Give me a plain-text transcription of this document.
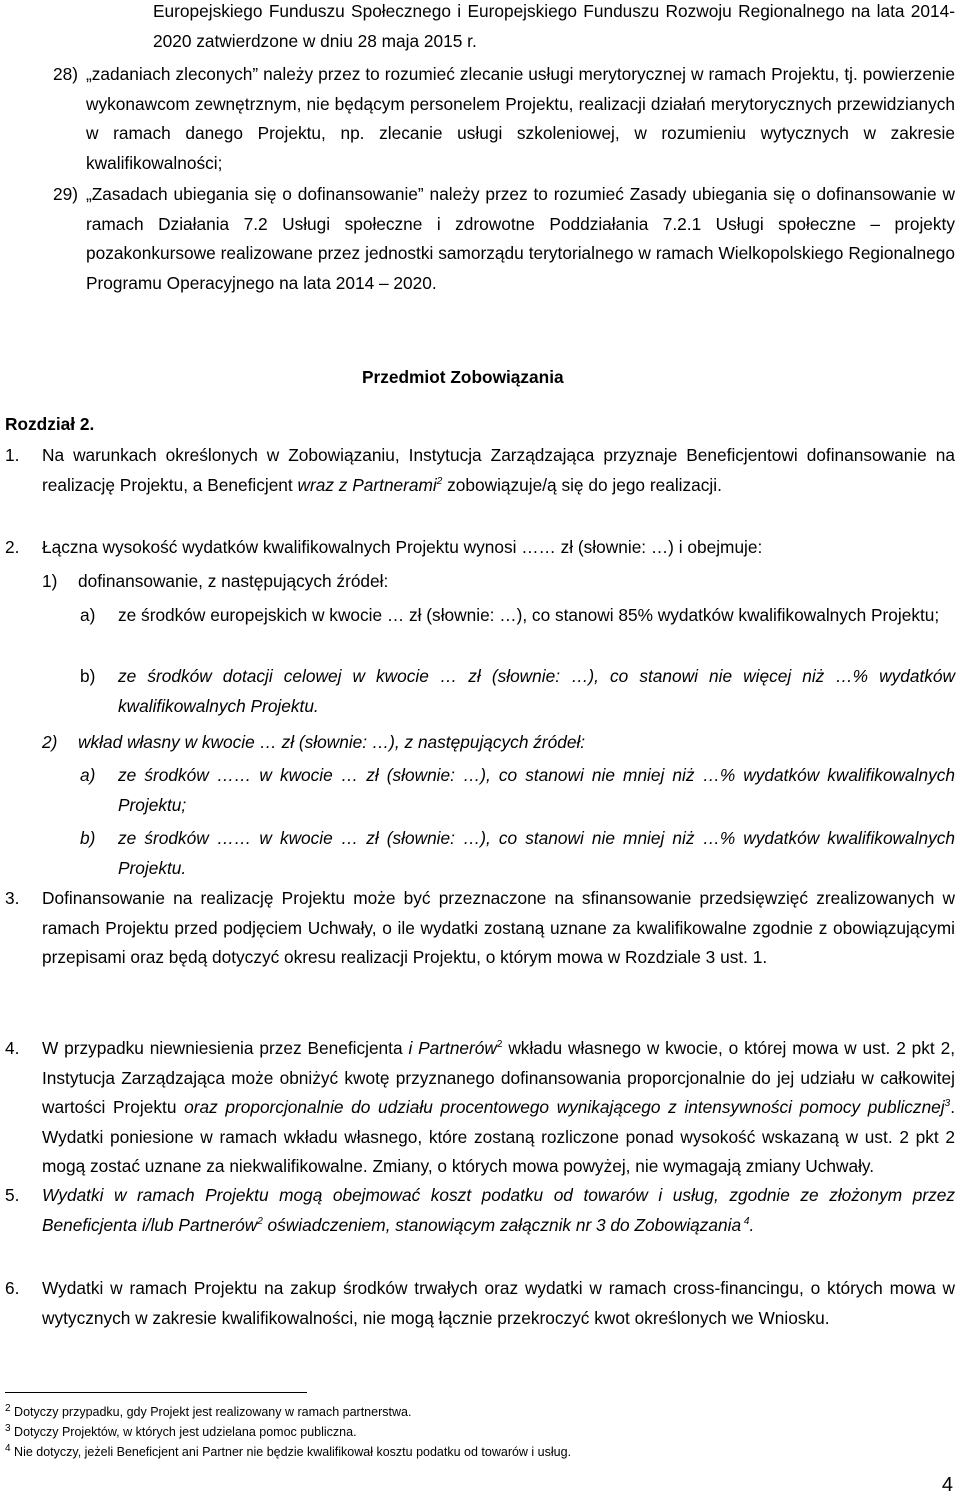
Europejskiego Funduszu Społecznego i Europejskiego Funduszu Rozwoju Regionalnego na lata 2014-2020 zatwierdzone w dniu 28 maja 2015 r.

28) „zadaniach zleconych” należy przez to rozumieć zlecanie usługi merytorycznej w ramach Projektu, tj. powierzenie wykonawcom zewnętrznym, nie będącym personelem Projektu, realizacji działań merytorycznych przewidzianych w ramach danego Projektu, np. zlecanie usługi szkoleniowej, w rozumieniu wytycznych w zakresie kwalifikowalności;

29) „Zasadach ubiegania się o dofinansowanie” należy przez to rozumieć Zasady ubiegania się o dofinansowanie w ramach Działania 7.2 Usługi społeczne i zdrowotne Poddziałania 7.2.1 Usługi społeczne – projekty pozakonkursowe realizowane przez jednostki samorządu terytorialnego w ramach Wielkopolskiego Regionalnego Programu Operacyjnego na lata 2014 – 2020.

Przedmiot Zobowiązania
Rozdział 2.
1. Na warunkach określonych w Zobowiązaniu, Instytucja Zarządzająca przyznaje Beneficjentowi dofinansowanie na realizację Projektu, a Beneficjent wraz z Partnerami$^2$ zobowiązuje/ą się do jego realizacji.

2. Łączna wysokość wydatków kwalifikowalnych Projektu wynosi …… zł (słownie: …) i obejmuje:

1) dofinansowanie, z następujących źródeł:

a) ze środków europejskich w kwocie … zł (słownie: …), co stanowi 85% wydatków kwalifikowalnych Projektu;

b) ze środków dotacji celowej w kwocie … zł (słownie: …), co stanowi nie więcej niż …% wydatków kwalifikowalnych Projektu.

2) wkład własny w kwocie … zł (słownie: …), z następujących źródeł:

a) ze środków …… w kwocie … zł (słownie: …), co stanowi nie mniej niż …% wydatków kwalifikowalnych Projektu;

b) ze środków …… w kwocie … zł (słownie: …), co stanowi nie mniej niż …% wydatków kwalifikowalnych Projektu.

3. Dofinansowanie na realizację Projektu może być przeznaczone na sfinansowanie przedsięwzięć zrealizowanych w ramach Projektu przed podjęciem Uchwały, o ile wydatki zostaną uznane za kwalifikowalne zgodnie z obowiązującymi przepisami oraz będą dotyczyć okresu realizacji Projektu, o którym mowa w Rozdziale 3 ust. 1.

4. W przypadku niewniesienia przez Beneficjenta i Partnerów$^2$ wkładu własnego w kwocie, o której mowa w ust. 2 pkt 2, Instytucja Zarządzająca może obniżyć kwotę przyznanego dofinansowania proporcjonalnie do jej udziału w całkowitej wartości Projektu oraz proporcjonalnie do udziału procentowego wynikającego z intensywności pomocy publicznej$^3$. Wydatki poniesione w ramach wkładu własnego, które zostaną rozliczone ponad wysokość wskazaną w ust. 2 pkt 2 mogą zostać uznane za niekwalifikowalne. Zmiany, o których mowa powyżej, nie wymagają zmiany Uchwały.

5. Wydatki w ramach Projektu mogą obejmować koszt podatku od towarów i usług, zgodnie ze złożonym przez Beneficjenta i/lub Partnerów$^2$ oświadczeniem, stanowiącym załącznik nr 3 do Zobowiązania $^4$.

6. Wydatki w ramach Projektu na zakup środków trwałych oraz wydatki w ramach cross-financingu, o których mowa w wytycznych w zakresie kwalifikowalności, nie mogą łącznie przekroczyć kwot określonych we Wniosku.

$^2$ Dotyczy przypadku, gdy Projekt jest realizowany w ramach partnerstwa.
$^3$ Dotyczy Projektów, w których jest udzielana pomoc publiczna.
$^4$ Nie dotyczy, jeżeli Beneficjent ani Partner nie będzie kwalifikował kosztu podatku od towarów i usług.
4
